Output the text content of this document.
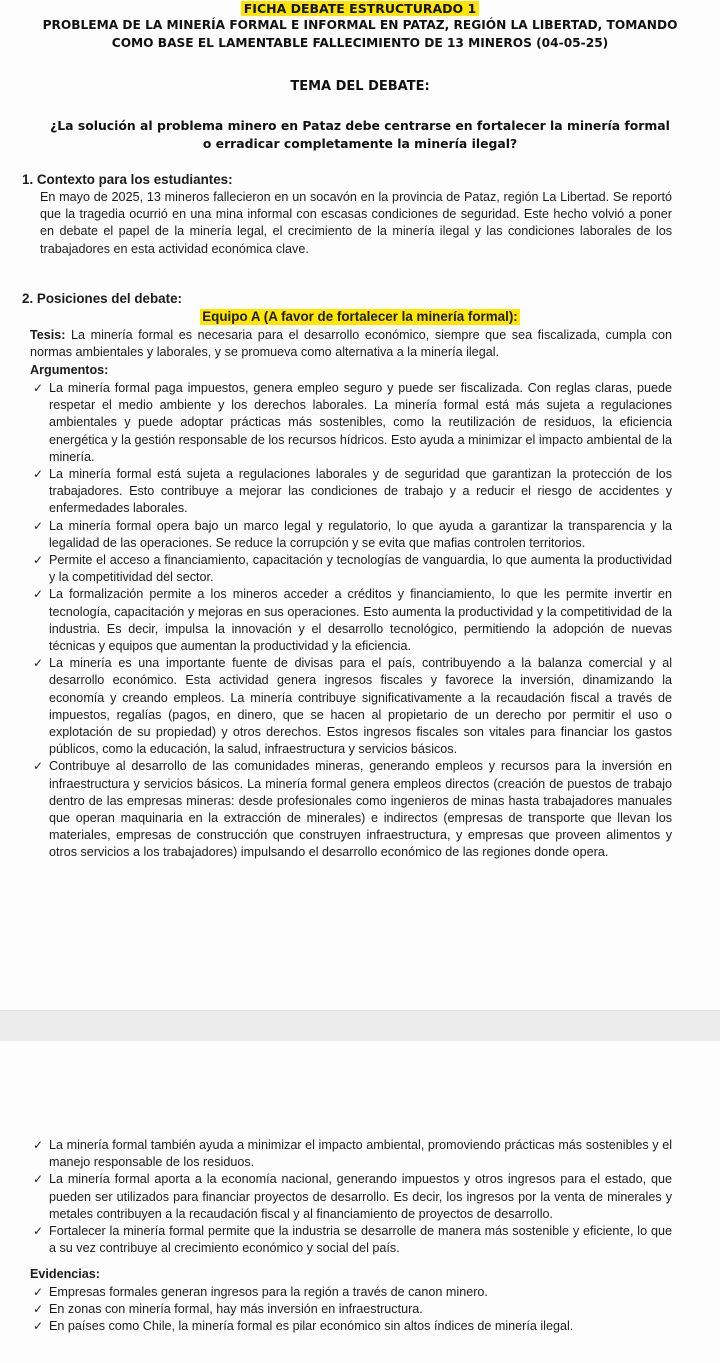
FICHA DEBATE ESTRUCTURADO 1
PROBLEMA DE LA MINERÍA FORMAL E INFORMAL EN PATAZ, REGIÓN LA LIBERTAD, TOMANDO COMO BASE EL LAMENTABLE FALLECIMIENTO DE 13 MINEROS (04-05-25)
TEMA DEL DEBATE:
¿La solución al problema minero en Pataz debe centrarse en fortalecer la minería formal o erradicar completamente la minería ilegal?
1. Contexto para los estudiantes:
En mayo de 2025, 13 mineros fallecieron en un socavón en la provincia de Pataz, región La Libertad. Se reportó que la tragedia ocurrió en una mina informal con escasas condiciones de seguridad. Este hecho volvió a poner en debate el papel de la minería legal, el crecimiento de la minería ilegal y las condiciones laborales de los trabajadores en esta actividad económica clave.
2. Posiciones del debate:
Equipo A (A favor de fortalecer la minería formal):
Tesis: La minería formal es necesaria para el desarrollo económico, siempre que sea fiscalizada, cumpla con normas ambientales y laborales, y se promueva como alternativa a la minería ilegal.
Argumentos:
✓ La minería formal paga impuestos, genera empleo seguro y puede ser fiscalizada. Con reglas claras, puede respetar el medio ambiente y los derechos laborales. La minería formal está más sujeta a regulaciones ambientales y puede adoptar prácticas más sostenibles, como la reutilización de residuos, la eficiencia energética y la gestión responsable de los recursos hídricos. Esto ayuda a minimizar el impacto ambiental de la minería.
✓ La minería formal está sujeta a regulaciones laborales y de seguridad que garantizan la protección de los trabajadores. Esto contribuye a mejorar las condiciones de trabajo y a reducir el riesgo de accidentes y enfermedades laborales.
✓ La minería formal opera bajo un marco legal y regulatorio, lo que ayuda a garantizar la transparencia y la legalidad de las operaciones. Se reduce la corrupción y se evita que mafias controlen territorios.
✓ Permite el acceso a financiamiento, capacitación y tecnologías de vanguardia, lo que aumenta la productividad y la competitividad del sector.
✓ La formalización permite a los mineros acceder a créditos y financiamiento, lo que les permite invertir en tecnología, capacitación y mejoras en sus operaciones. Esto aumenta la productividad y la competitividad de la industria. Es decir, impulsa la innovación y el desarrollo tecnológico, permitiendo la adopción de nuevas técnicas y equipos que aumentan la productividad y la eficiencia.
✓ La minería es una importante fuente de divisas para el país, contribuyendo a la balanza comercial y al desarrollo económico. Esta actividad genera ingresos fiscales y favorece la inversión, dinamizando la economía y creando empleos. La minería contribuye significativamente a la recaudación fiscal a través de impuestos, regalías (pagos, en dinero, que se hacen al propietario de un derecho por permitir el uso o explotación de su propiedad) y otros derechos. Estos ingresos fiscales son vitales para financiar los gastos públicos, como la educación, la salud, infraestructura y servicios básicos.
✓ Contribuye al desarrollo de las comunidades mineras, generando empleos y recursos para la inversión en infraestructura y servicios básicos. La minería formal genera empleos directos (creación de puestos de trabajo dentro de las empresas mineras: desde profesionales como ingenieros de minas hasta trabajadores manuales que operan maquinaria en la extracción de minerales) e indirectos (empresas de transporte que llevan los materiales, empresas de construcción que construyen infraestructura, y empresas que proveen alimentos y otros servicios a los trabajadores) impulsando el desarrollo económico de las regiones donde opera.
✓ La minería formal también ayuda a minimizar el impacto ambiental, promoviendo prácticas más sostenibles y el manejo responsable de los residuos.
✓ La minería formal aporta a la economía nacional, generando impuestos y otros ingresos para el estado, que pueden ser utilizados para financiar proyectos de desarrollo. Es decir, los ingresos por la venta de minerales y metales contribuyen a la recaudación fiscal y al financiamiento de proyectos de desarrollo.
✓ Fortalecer la minería formal permite que la industria se desarrolle de manera más sostenible y eficiente, lo que a su vez contribuye al crecimiento económico y social del país.
Evidencias:
✓ Empresas formales generan ingresos para la región a través de canon minero.
✓ En zonas con minería formal, hay más inversión en infraestructura.
✓ En países como Chile, la minería formal es pilar económico sin altos índices de minería ilegal.
